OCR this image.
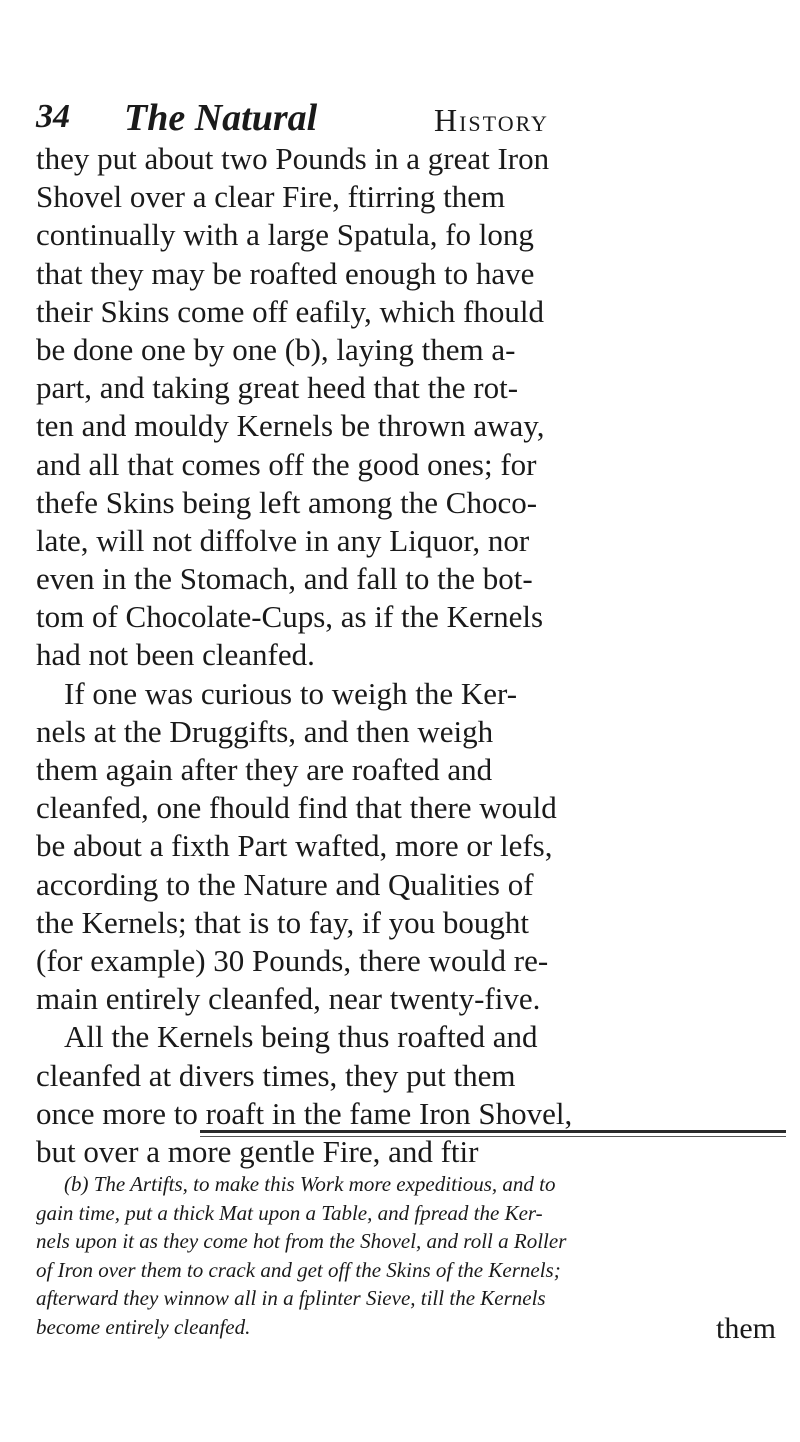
34 The Natural	History
they put about two Pounds in a great Iron
Shovel over a clear Fire, ftirring them
continually with a large Spatula, fo long
that they may be roafted enough to have
their Skins come off eafily, which fhould
be done one by one (b), laying them a-
part, and taking great heed that the rot-
ten and mouldy Kernels be thrown away,
and all that comes off the good ones; for
thefe Skins being left among the Choco-
late, will not diffolve in any Liquor, nor
even in the Stomach, and fall to the bot-
tom of Chocolate-Cups, as if the Kernels
had not been cleanfed.
If one was curious to weigh the Ker-
nels at the Druggifts, and then weigh
them again after they are roafted and
cleanfed, one fhould find that there would
be about a fixth Part wafted, more or lefs,
according to the Nature and Qualities of
the Kernels; that is to fay, if you bought
(for example) 30 Pounds, there would re-
main entirely cleanfed, near twenty-five.
All the Kernels being thus roafted and
cleanfed at divers times, they put them
once more to roaft in the fame Iron Shovel,
but over a more gentle Fire, and ftir
(b) The Artifts, to make this Work more expeditious, and to
gain time, put a thick Mat upon a Table, and fpread the Ker-
nels upon it as they come hot from the Shovel, and roll a Roller
of Iron over them to crack and get off the Skins of the Kernels;
afterward they winnow all in a fplinter Sieve, till the Kernels
become entirely cleanfed.	them
